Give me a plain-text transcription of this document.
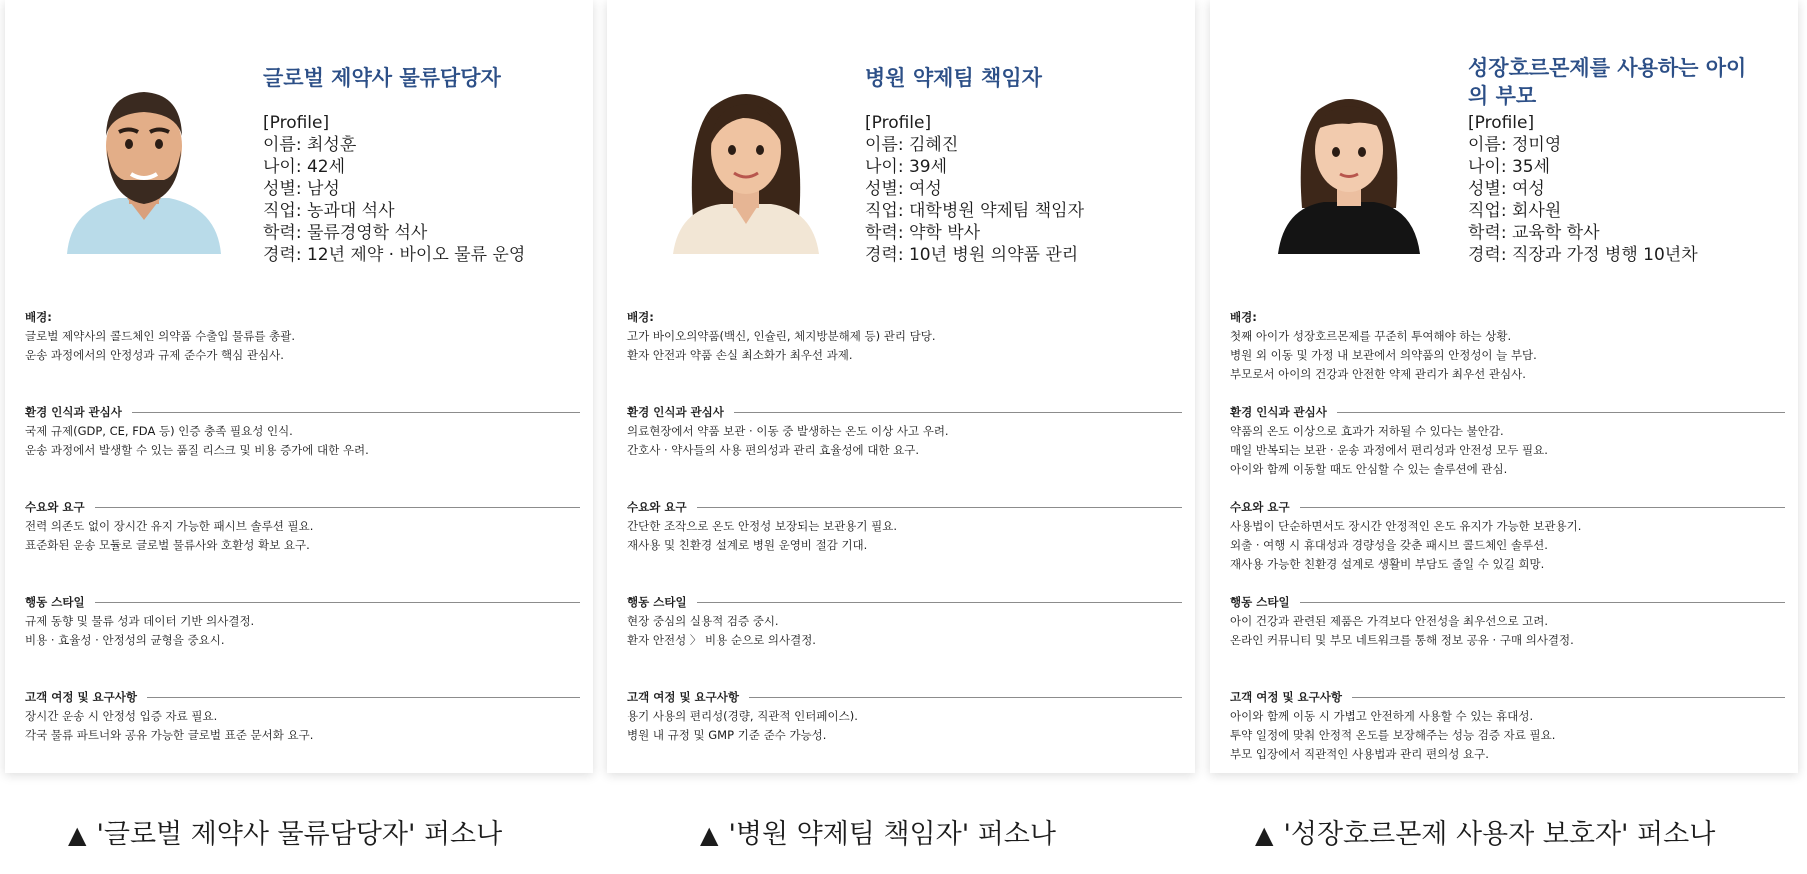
글로벌 제약사 물류담당자
[Profile]
이름: 최성훈
나이: 42세
성별: 남성
직업: 농과대 석사
학력: 물류경영학 석사
경력: 12년 제약 · 바이오 물류 운영
배경:
글로벌 제약사의 콜드체인 의약품 수출입 물류를 총괄.
운송 과정에서의 안정성과 규제 준수가 핵심 관심사.
환경 인식과 관심사
국제 규제(GDP, CE, FDA 등) 인증 충족 필요성 인식.
운송 과정에서 발생할 수 있는 품질 리스크 및 비용 증가에 대한 우려.
수요와 요구
전력 의존도 없이 장시간 유지 가능한 패시브 솔루션 필요.
표준화된 운송 모듈로 글로벌 물류사와 호환성 확보 요구.
행동 스타일
규제 동향 및 물류 성과 데이터 기반 의사결정.
비용 · 효율성 · 안정성의 균형을 중요시.
고객 여정 및 요구사항
장시간 운송 시 안정성 입증 자료 필요.
각국 물류 파트너와 공유 가능한 글로벌 표준 문서화 요구.
병원 약제팀 책임자
[Profile]
이름: 김혜진
나이: 39세
성별: 여성
직업: 대학병원 약제팀 책임자
학력: 약학 박사
경력: 10년 병원 의약품 관리
배경:
고가 바이오의약품(백신, 인슐린, 체지방분해제 등) 관리 담당.
환자 안전과 약품 손실 최소화가 최우선 과제.
환경 인식과 관심사
의료현장에서 약품 보관 · 이동 중 발생하는 온도 이상 사고 우려.
간호사 · 약사들의 사용 편의성과 관리 효율성에 대한 요구.
수요와 요구
간단한 조작으로 온도 안정성 보장되는 보관용기 필요.
재사용 및 친환경 설계로 병원 운영비 절감 기대.
행동 스타일
현장 중심의 실용적 검증 중시.
환자 안전성 〉 비용 순으로 의사결정.
고객 여정 및 요구사항
용기 사용의 편리성(경량, 직관적 인터페이스).
병원 내 규정 및 GMP 기준 준수 가능성.
성장호르몬제를 사용하는 아이의 부모
[Profile]
이름: 정미영
나이: 35세
성별: 여성
직업: 회사원
학력: 교육학 학사
경력: 직장과 가정 병행 10년차
배경:
첫째 아이가 성장호르몬제를 꾸준히 투여해야 하는 상황.
병원 외 이동 및 가정 내 보관에서 의약품의 안정성이 늘 부담.
부모로서 아이의 건강과 안전한 약제 관리가 최우선 관심사.
환경 인식과 관심사
약품의 온도 이상으로 효과가 저하될 수 있다는 불안감.
매일 반복되는 보관 · 운송 과정에서 편리성과 안전성 모두 필요.
아이와 함께 이동할 때도 안심할 수 있는 솔루션에 관심.
수요와 요구
사용법이 단순하면서도 장시간 안정적인 온도 유지가 가능한 보관용기.
외출 · 여행 시 휴대성과 경량성을 갖춘 패시브 콜드체인 솔루션.
재사용 가능한 친환경 설계로 생활비 부담도 줄일 수 있길 희망.
행동 스타일
아이 건강과 관련된 제품은 가격보다 안전성을 최우선으로 고려.
온라인 커뮤니티 및 부모 네트워크를 통해 정보 공유 · 구매 의사결정.
고객 여정 및 요구사항
아이와 함께 이동 시 가볍고 안전하게 사용할 수 있는 휴대성.
투약 일정에 맞춰 안정적 온도를 보장해주는 성능 검증 자료 필요.
부모 입장에서 직관적인 사용법과 관리 편의성 요구.
▲ '글로벌 제약사 물류담당자' 퍼소나	▲ '병원 약제팀 책임자' 퍼소나	▲ '성장호르몬제 사용자 보호자' 퍼소나
